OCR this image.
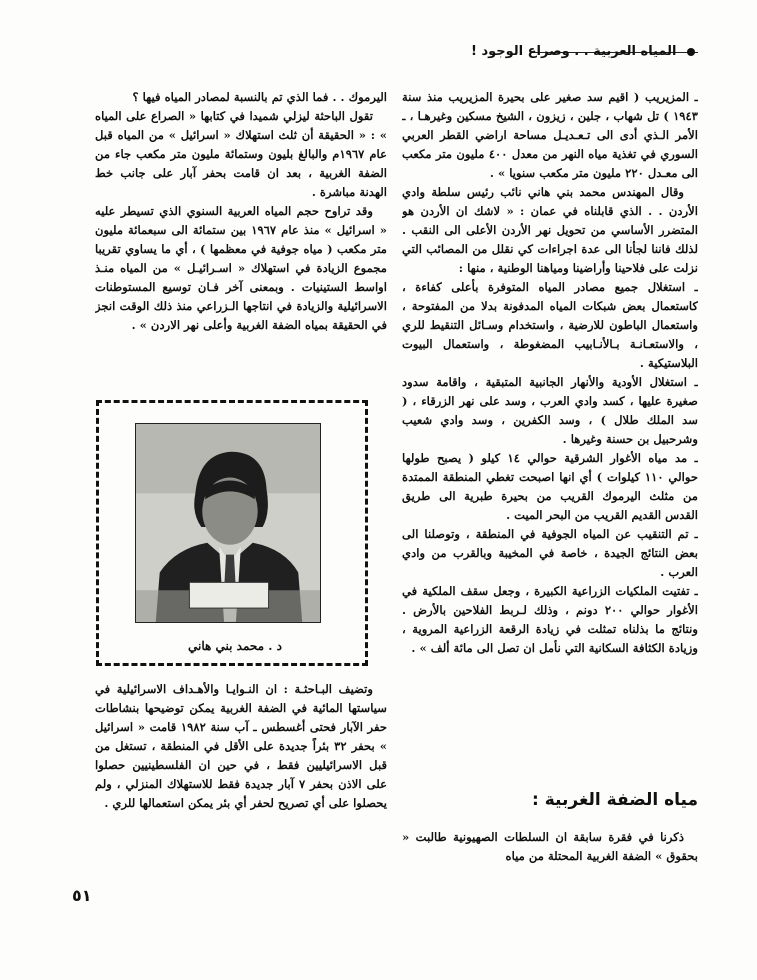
المياه العربية . . وصراع الوجود !

ـ المزيريب ( اقيم سد صغير على بحيرة المزيريب منذ سنة ١٩٤٣ ) تل شهاب ، جلين ، زيزون ، الشيخ مسكين وغيرهـا ، ـ الأمر الـذي أدى الى تـعـديـل مساحة اراضي القطر العربي السوري في تغذية مياه النهر من معدل ٤٠٠ مليون متر مكعب الى معـدل ٢٢٠ مليون متر مكعب سنويا » .

وقال المهندس محمد بني هاني نائب رئيس سلطة وادي الأردن . . الذي قابلناه في عمان : « لاشك ان الأردن هو المتضرر الأساسي من تحويل نهر الأردن الأعلى الى النقب . لذلك فاننا لجأنا الى عدة اجراءات كي نقلل من المصائب التي نزلت على فلاحينا وأراضينا ومياهنا الوطنية ، منها :

ـ استغلال جميع مصادر المياه المتوفرة بأعلى كفاءة ، كاستعمال بعض شبكات المياه المدفونة بدلا من المفتوحة ، واستعمال الباطون للارضية ، واستخدام وسـائل التنقيط للري ، والاستعـانـة بـالأنـابيب المضغوطة ، واستعمال البيوت البلاستيكية .

ـ استغلال الأودية والأنهار الجانبية المتبقية ، واقامة سدود صغيرة عليها ، كسد وادي العرب ، وسد على نهر الزرقاء ، ( سد الملك طلال ) ، وسد الكفرين ، وسد وادي شعيب وشرحبيل بن حسنة وغيرها .

ـ مد مياه الأغوار الشرقية حوالي ١٤ كيلو ( يصبح طولها حوالي ١١٠ كيلوات ) أي انها اصبحت تغطي المنطقة الممتدة من مثلث اليرموك القريب من بحيرة طبرية الى طريق القدس القديم القريب من البحر الميت .

ـ تم التنقيب عن المياه الجوفية في المنطقة ، وتوصلنا الى بعض النتائج الجيدة ، خاصة في المخيبة وبالقرب من وادي العرب .

ـ تفتيت الملكيات الزراعية الكبيرة ، وجعل سقف الملكية في الأغوار حوالي ٢٠٠ دونم ، وذلك لـربط الفلاحين بالأرض . ونتائج ما بذلناه تمثلت في زيادة الرقعة الزراعية المروية ، وزيادة الكثافة السكانية التي نأمل ان تصل الى مائة ألف » .

مياه الضفة الغربية :

ذكرنا في فقرة سابقة ان السلطات الصهيونية طالبت « بحقوق » الضفة الغربية المحتلة من مياه

اليرموك . . فما الذي تم بالنسبة لمصادر المياه فيها ؟

تقول الباحثة ليزلي شميدا في كتابها « الصراع على المياه » : « الحقيقة أن ثلث استهلاك « اسرائيل » من المياه قبل عام ١٩٦٧م والبالغ بليون وستمائة مليون متر مكعب جاء من الضفة الغربية ، بعد ان قامت بحفر آبار على جانب خط الهدنة مباشرة .

وقد تراوح حجم المياه العربية السنوي الذي تسيطر عليه « اسرائيل » منذ عام ١٩٦٧ بين ستمائة الى سبعمائة مليون متر مكعب ( مياه جوفية في معظمها ) ، أي ما يساوي تقريبا مجموع الزيادة في استهلاك « اسـرائيـل » من المياه منـذ اواسط الستينيات . وبمعنى آخر فـان توسيع المستوطنات الاسرائيلية والزيادة في انتاجها الـزراعي منذ ذلك الوقت انجز في الحقيقة بمياه الضفة الغربية وأعلى نهر الاردن » .

د . محمد بني هاني

وتضيف البـاحثـة : ان النـوايـا والأهـداف الاسرائيلية في سياستها المائية في الضفة الغربية يمكن توضيحها بنشاطات حفر الآبار فحتى أغسطس ـ آب سنة ١٩٨٢ قامت « اسرائيل » بحفر ٣٢ بئراً جديدة على الأقل في المنطقة ، تستغل من قبل الاسرائيليين فقط ، في حين ان الفلسطينيين حصلوا على الاذن بحفر ٧ آبار جديدة فقط للاستهلاك المنزلي ، ولم يحصلوا على أي تصريح لحفر أي بئر يمكن استعمالها للري .

٥١
